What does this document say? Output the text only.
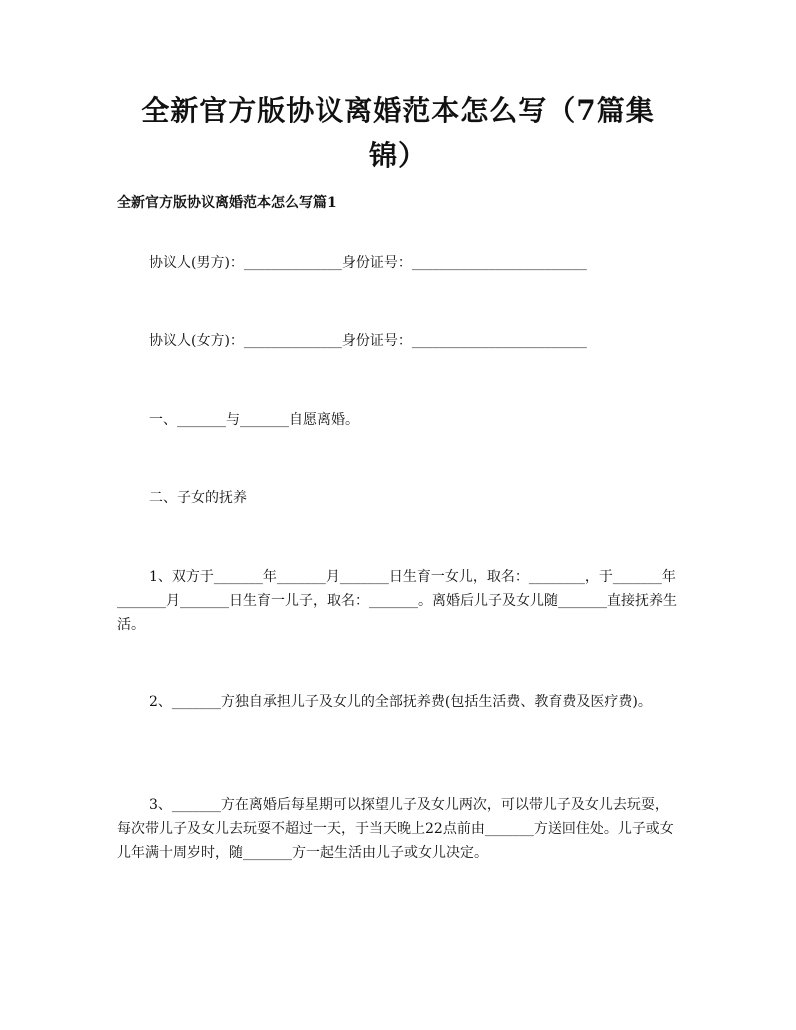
全新官方版协议离婚范本怎么写（7篇集
锦）
全新官方版协议离婚范本怎么写篇1
协议人(男方)：______________身份证号：_________________________
协议人(女方)：______________身份证号：_________________________
一、_______与_______自愿离婚。
二、子女的抚养
1、双方于_______年_______月_______日生育一女儿，取名：________，于_______年_______月_______日生育一儿子，取名：_______。离婚后儿子及女儿随_______直接抚养生活。
2、_______方独自承担儿子及女儿的全部抚养费(包括生活费、教育费及医疗费)。
3、_______方在离婚后每星期可以探望儿子及女儿两次，可以带儿子及女儿去玩耍，每次带儿子及女儿去玩耍不超过一天，于当天晚上22点前由_______方送回住处。儿子或女儿年满十周岁时，随_______方一起生活由儿子或女儿决定。
